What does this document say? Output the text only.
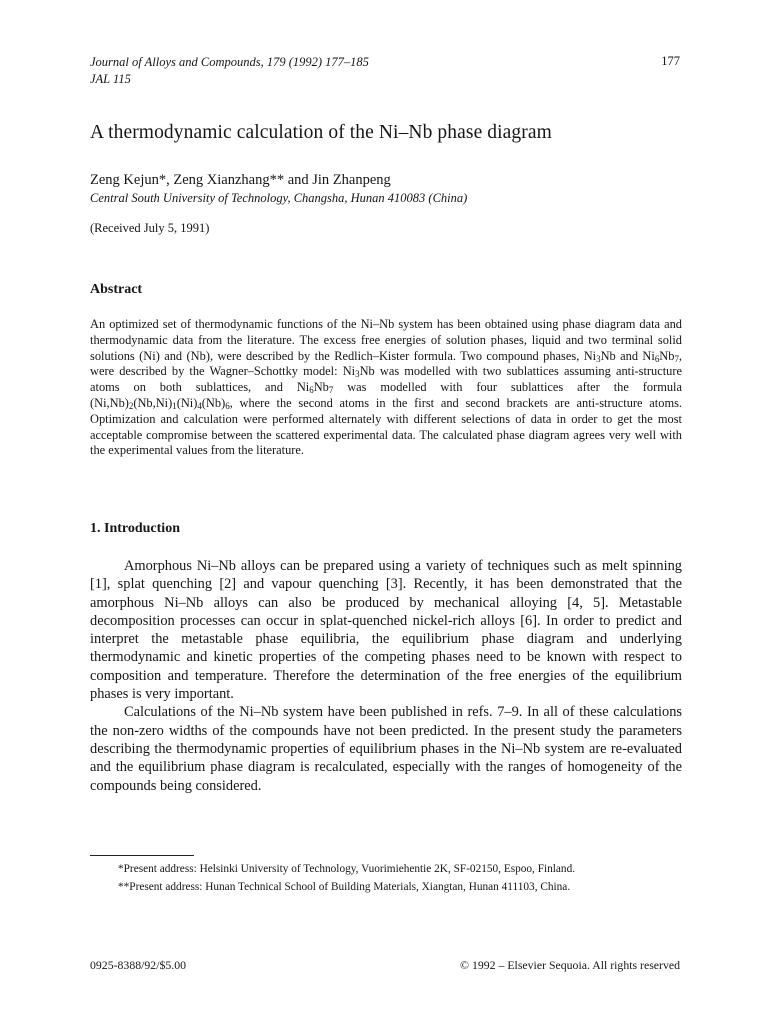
Journal of Alloys and Compounds, 179 (1992) 177–185
JAL 115
177
A thermodynamic calculation of the Ni–Nb phase diagram
Zeng Kejun*, Zeng Xianzhang** and Jin Zhanpeng
Central South University of Technology, Changsha, Hunan 410083 (China)
(Received July 5, 1991)
Abstract
An optimized set of thermodynamic functions of the Ni–Nb system has been obtained using phase diagram data and thermodynamic data from the literature. The excess free energies of solution phases, liquid and two terminal solid solutions (Ni) and (Nb), were described by the Redlich–Kister formula. Two compound phases, $Ni_3Nb$ and $Ni_6Nb_7$, were described by the Wagner–Schottky model: $Ni_3Nb$ was modelled with two sublattices assuming anti-structure atoms on both sublattices, and $Ni_6Nb_7$ was modelled with four sublattices after the formula $(Ni,Nb)_2(Nb,Ni)_1(Ni)_4(Nb)_6$, where the second atoms in the first and second brackets are anti-structure atoms. Optimization and calculation were performed alternately with different selections of data in order to get the most acceptable compromise between the scattered experimental data. The calculated phase diagram agrees very well with the experimental values from the literature.
1. Introduction

Amorphous Ni–Nb alloys can be prepared using a variety of techniques such as melt spinning [1], splat quenching [2] and vapour quenching [3]. Recently, it has been demonstrated that the amorphous Ni–Nb alloys can also be produced by mechanical alloying [4, 5]. Metastable decomposition processes can occur in splat-quenched nickel-rich alloys [6]. In order to predict and interpret the metastable phase equilibria, the equilibrium phase diagram and underlying thermodynamic and kinetic properties of the competing phases need to be known with respect to composition and temperature. Therefore the determination of the free energies of the equilibrium phases is very important.

Calculations of the Ni–Nb system have been published in refs. 7–9. In all of these calculations the non-zero widths of the compounds have not been predicted. In the present study the parameters describing the thermodynamic properties of equilibrium phases in the Ni–Nb system are re-evaluated and the equilibrium phase diagram is recalculated, especially with the ranges of homogeneity of the compounds being considered.

*Present address: Helsinki University of Technology, Vuorimiehentie 2K, SF-02150, Espoo, Finland.

**Present address: Hunan Technical School of Building Materials, Xiangtan, Hunan 411103, China.

0925-8388/92/$5.00	© 1992 – Elsevier Sequoia. All rights reserved
